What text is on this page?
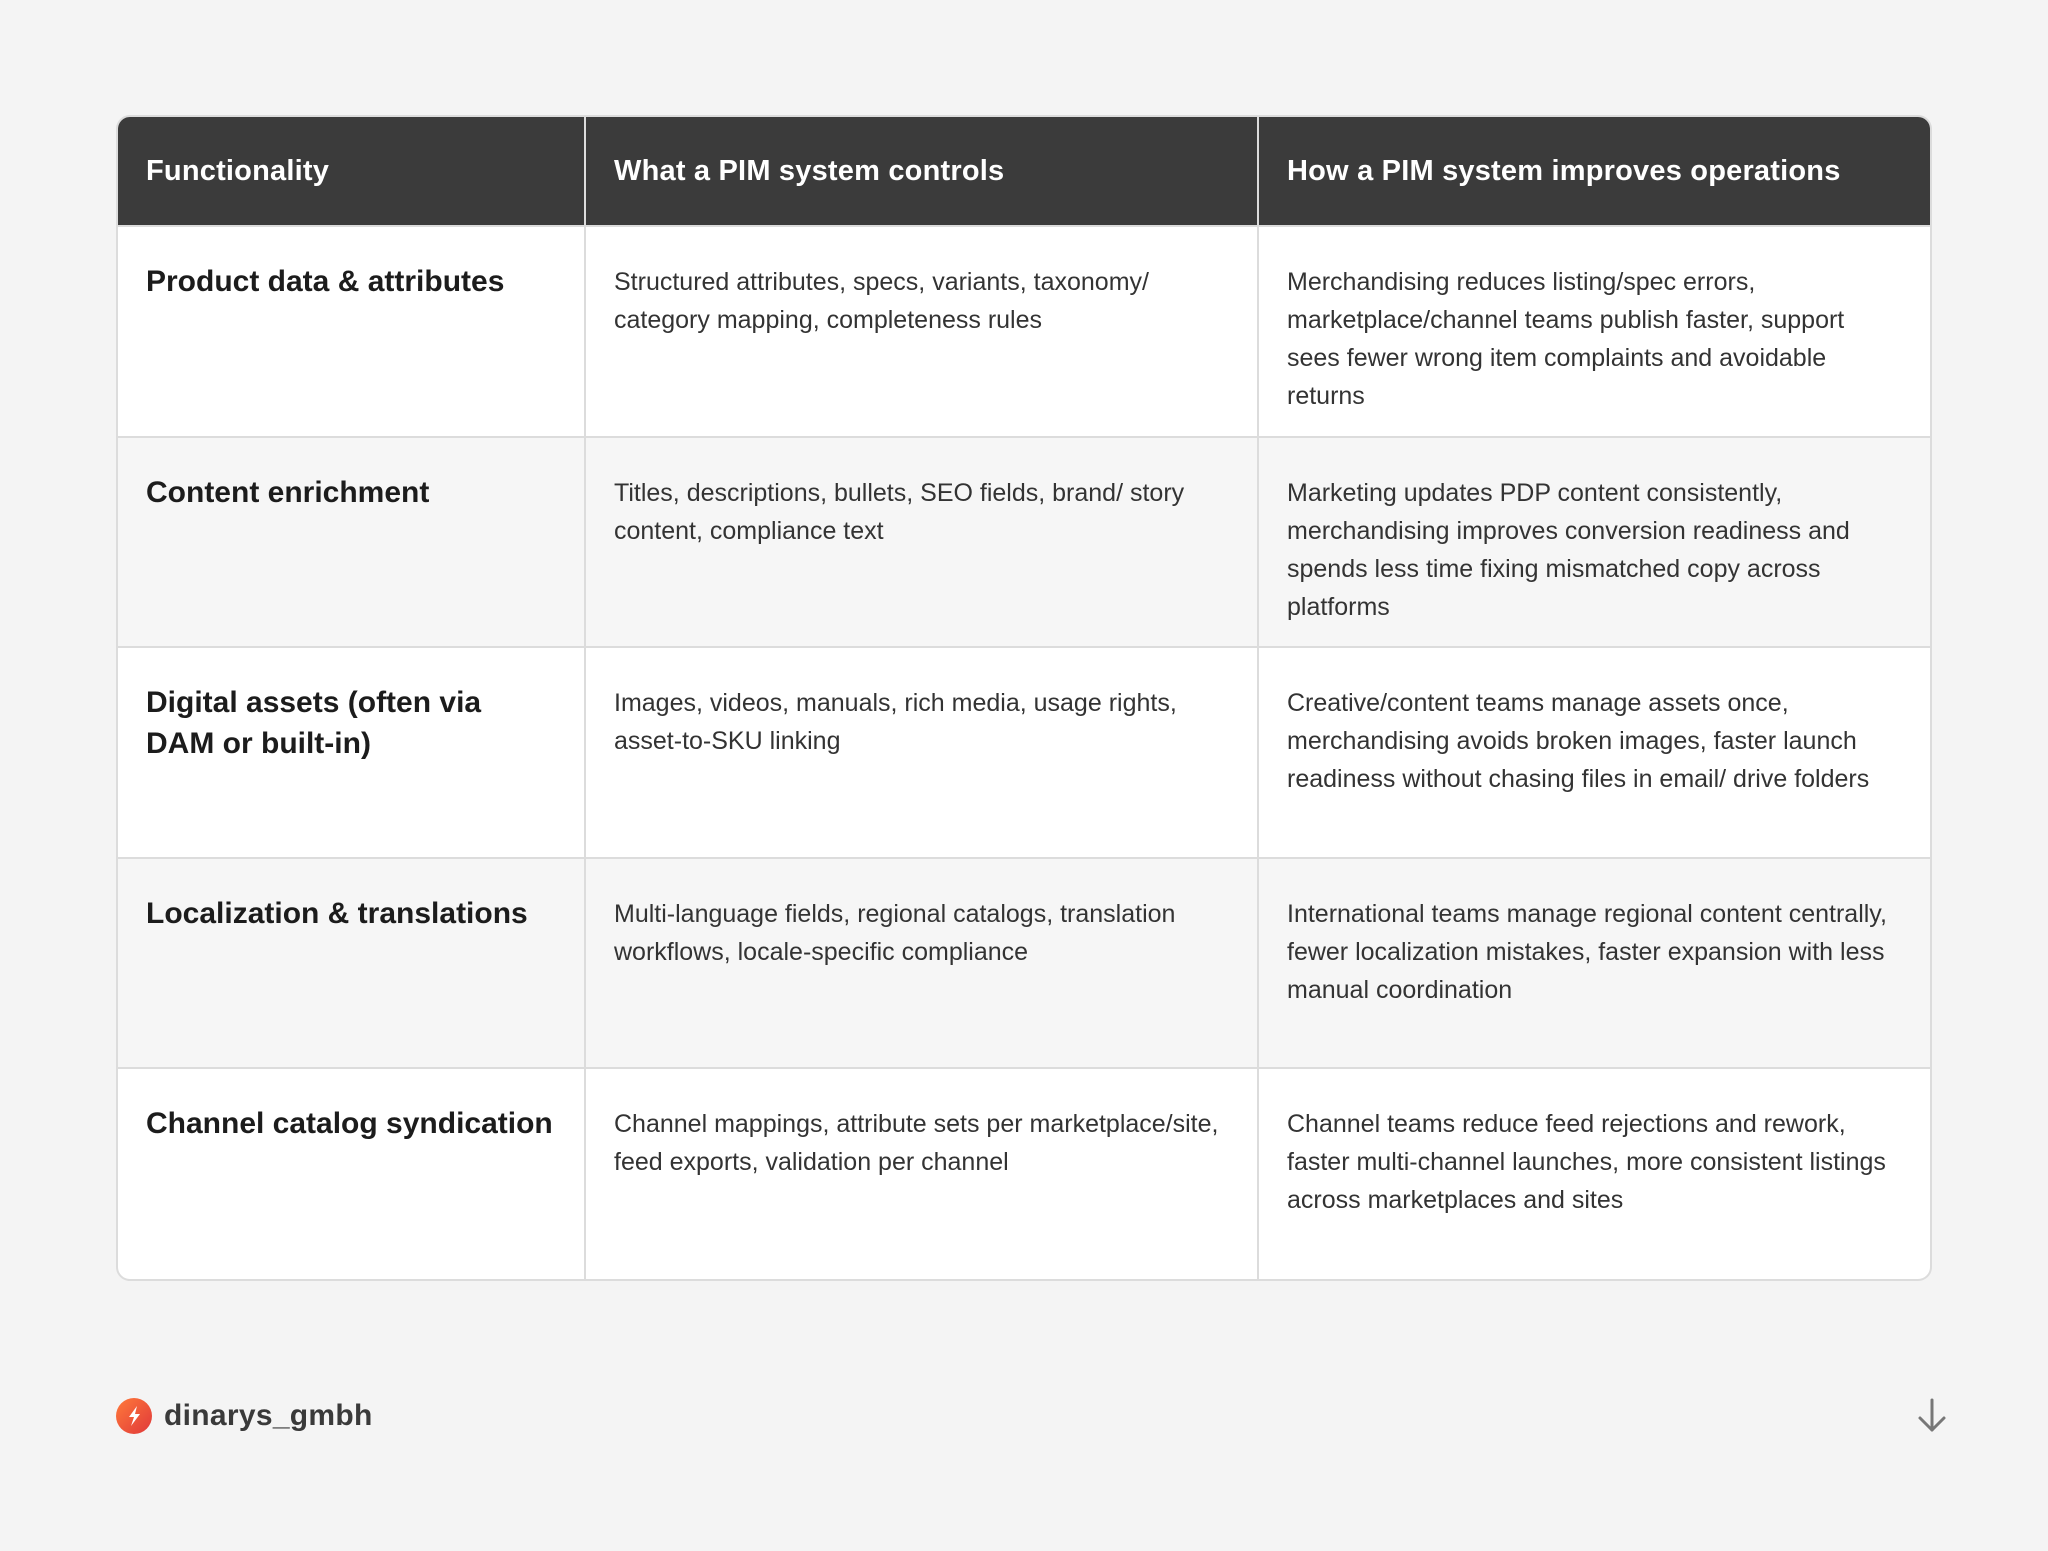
Functionality	What a PIM system controls	How a PIM system improves operations
Product data & attributes	Structured attributes, specs, variants, taxonomy/ category mapping, completeness rules	Merchandising reduces listing/spec errors, marketplace/channel teams publish faster, support sees fewer wrong item complaints and avoidable returns
Content enrichment	Titles, descriptions, bullets, SEO fields, brand/ story content, compliance text	Marketing updates PDP content consistently, merchandising improves conversion readiness and spends less time fixing mismatched copy across platforms
Digital assets (often via DAM or built-in)	Images, videos, manuals, rich media, usage rights, asset-to-SKU linking	Creative/content teams manage assets once, merchandising avoids broken images, faster launch readiness without chasing files in email/ drive folders
Localization & translations	Multi-language fields, regional catalogs, translation workflows, locale-specific compliance	International teams manage regional content centrally, fewer localization mistakes, faster expansion with less manual coordination
Channel catalog syndication	Channel mappings, attribute sets per marketplace/site, feed exports, validation per channel	Channel teams reduce feed rejections and rework, faster multi-channel launches, more consistent listings across marketplaces and sites
dinarys_gmbh
